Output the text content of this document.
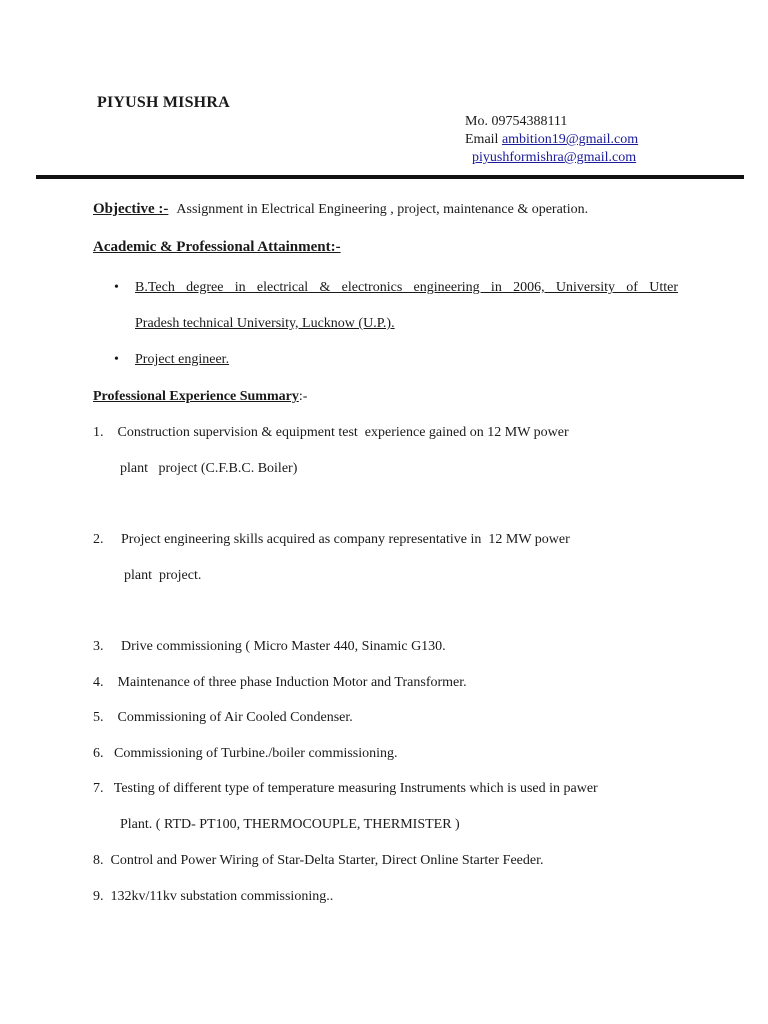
PIYUSH MISHRA
Mo. 09754388111
Email ambition19@gmail.com
piyushformishra@gmail.com
Objective :- Assignment in Electrical Engineering , project, maintenance & operation.
Academic & Professional Attainment:-
• B.Tech degree in electrical & electronics engineering in 2006, University of Utter
Pradesh technical University, Lucknow (U.P.).
• Project engineer.
Professional Experience Summary:-
1.    Construction supervision & equipment test  experience gained on 12 MW power
plant   project (C.F.B.C. Boiler)
2.     Project engineering skills acquired as company representative in  12 MW power
plant  project.
3.     Drive commissioning ( Micro Master 440, Sinamic G130.
4.    Maintenance of three phase Induction Motor and Transformer.
5.    Commissioning of Air Cooled Condenser.
6.   Commissioning of Turbine./boiler commissioning.
7.   Testing of different type of temperature measuring Instruments which is used in pawer
Plant. ( RTD- PT100, THERMOCOUPLE, THERMISTER )
8.  Control and Power Wiring of Star-Delta Starter, Direct Online Starter Feeder.
9.  132kv/11kv substation commissioning..
